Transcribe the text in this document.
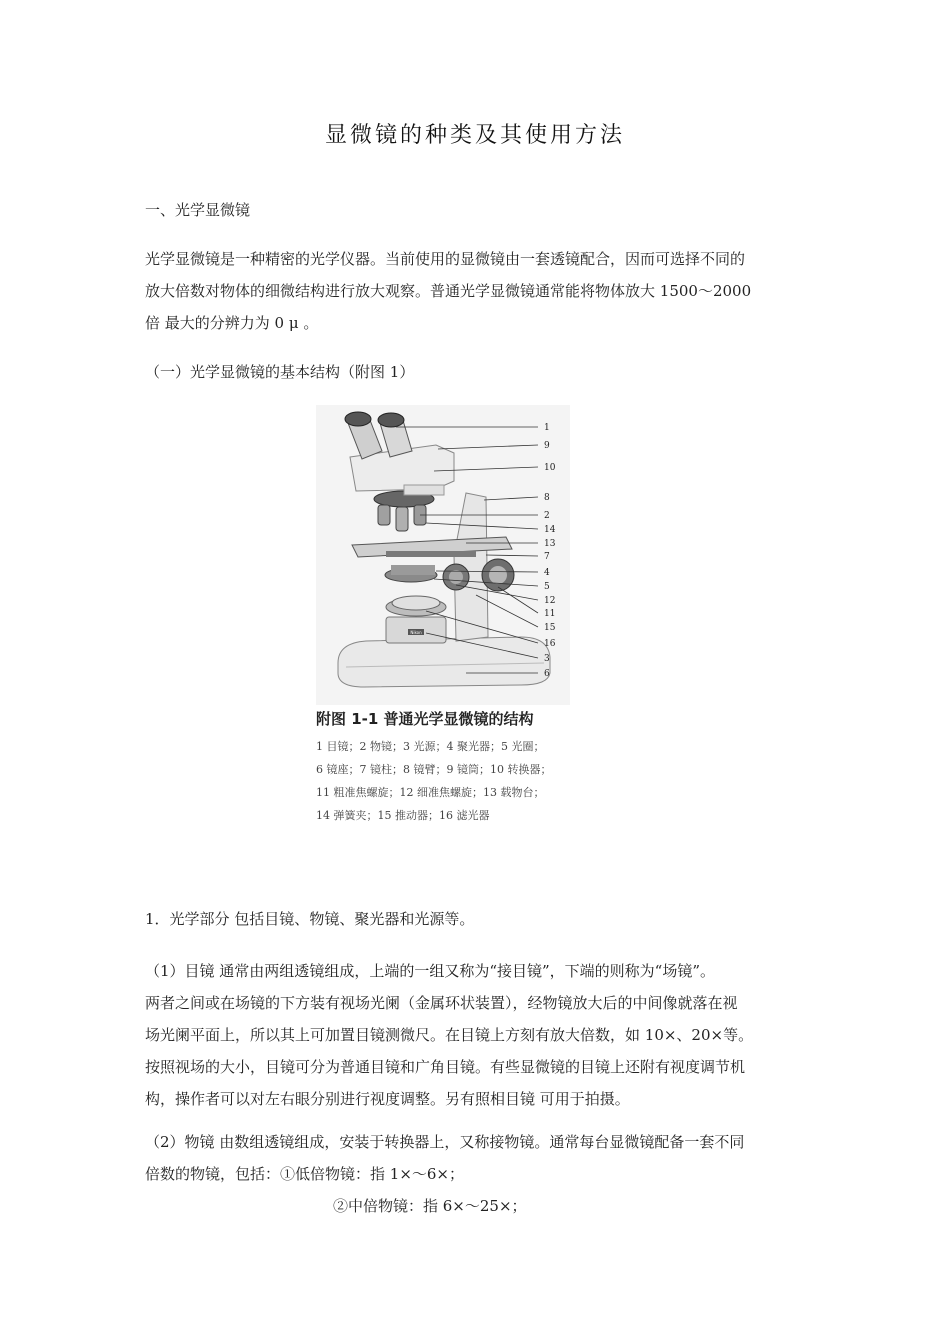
显微镜的种类及其使用方法
一、光学显微镜
光学显微镜是一种精密的光学仪器。当前使用的显微镜由一套透镜配合，因而可选择不同的
放大倍数对物体的细微结构进行放大观察。普通光学显微镜通常能将物体放大 1500～2000
倍 最大的分辨力为 0 μ 。
（一）光学显微镜的基本结构（附图 1）
Nikon
1
9
10
8
2
14
13
7
4
5
12
11
15
16
3
6
附图 1-1 普通光学显微镜的结构
1 目镜；2 物镜；3 光源；4 聚光器；5 光圈；
6 镜座；7 镜柱；8 镜臂；9 镜筒；10 转换器；
11 粗准焦螺旋；12 细准焦螺旋；13 载物台；
14 弹簧夹；15 推动器；16 滤光器
1．光学部分 包括目镜、物镜、聚光器和光源等。
（1）目镜 通常由两组透镜组成，上端的一组又称为“接目镜”，下端的则称为“场镜”。
两者之间或在场镜的下方装有视场光阑（金属环状装置），经物镜放大后的中间像就落在视
场光阑平面上，所以其上可加置目镜测微尺。在目镜上方刻有放大倍数，如 10×、20×等。
按照视场的大小，目镜可分为普通目镜和广角目镜。有些显微镜的目镜上还附有视度调节机
构，操作者可以对左右眼分别进行视度调整。另有照相目镜 可用于拍摄。
（2）物镜 由数组透镜组成，安装于转换器上，又称接物镜。通常每台显微镜配备一套不同
倍数的物镜，包括：①低倍物镜：指 1×～6×；
②中倍物镜：指 6×～25×；
